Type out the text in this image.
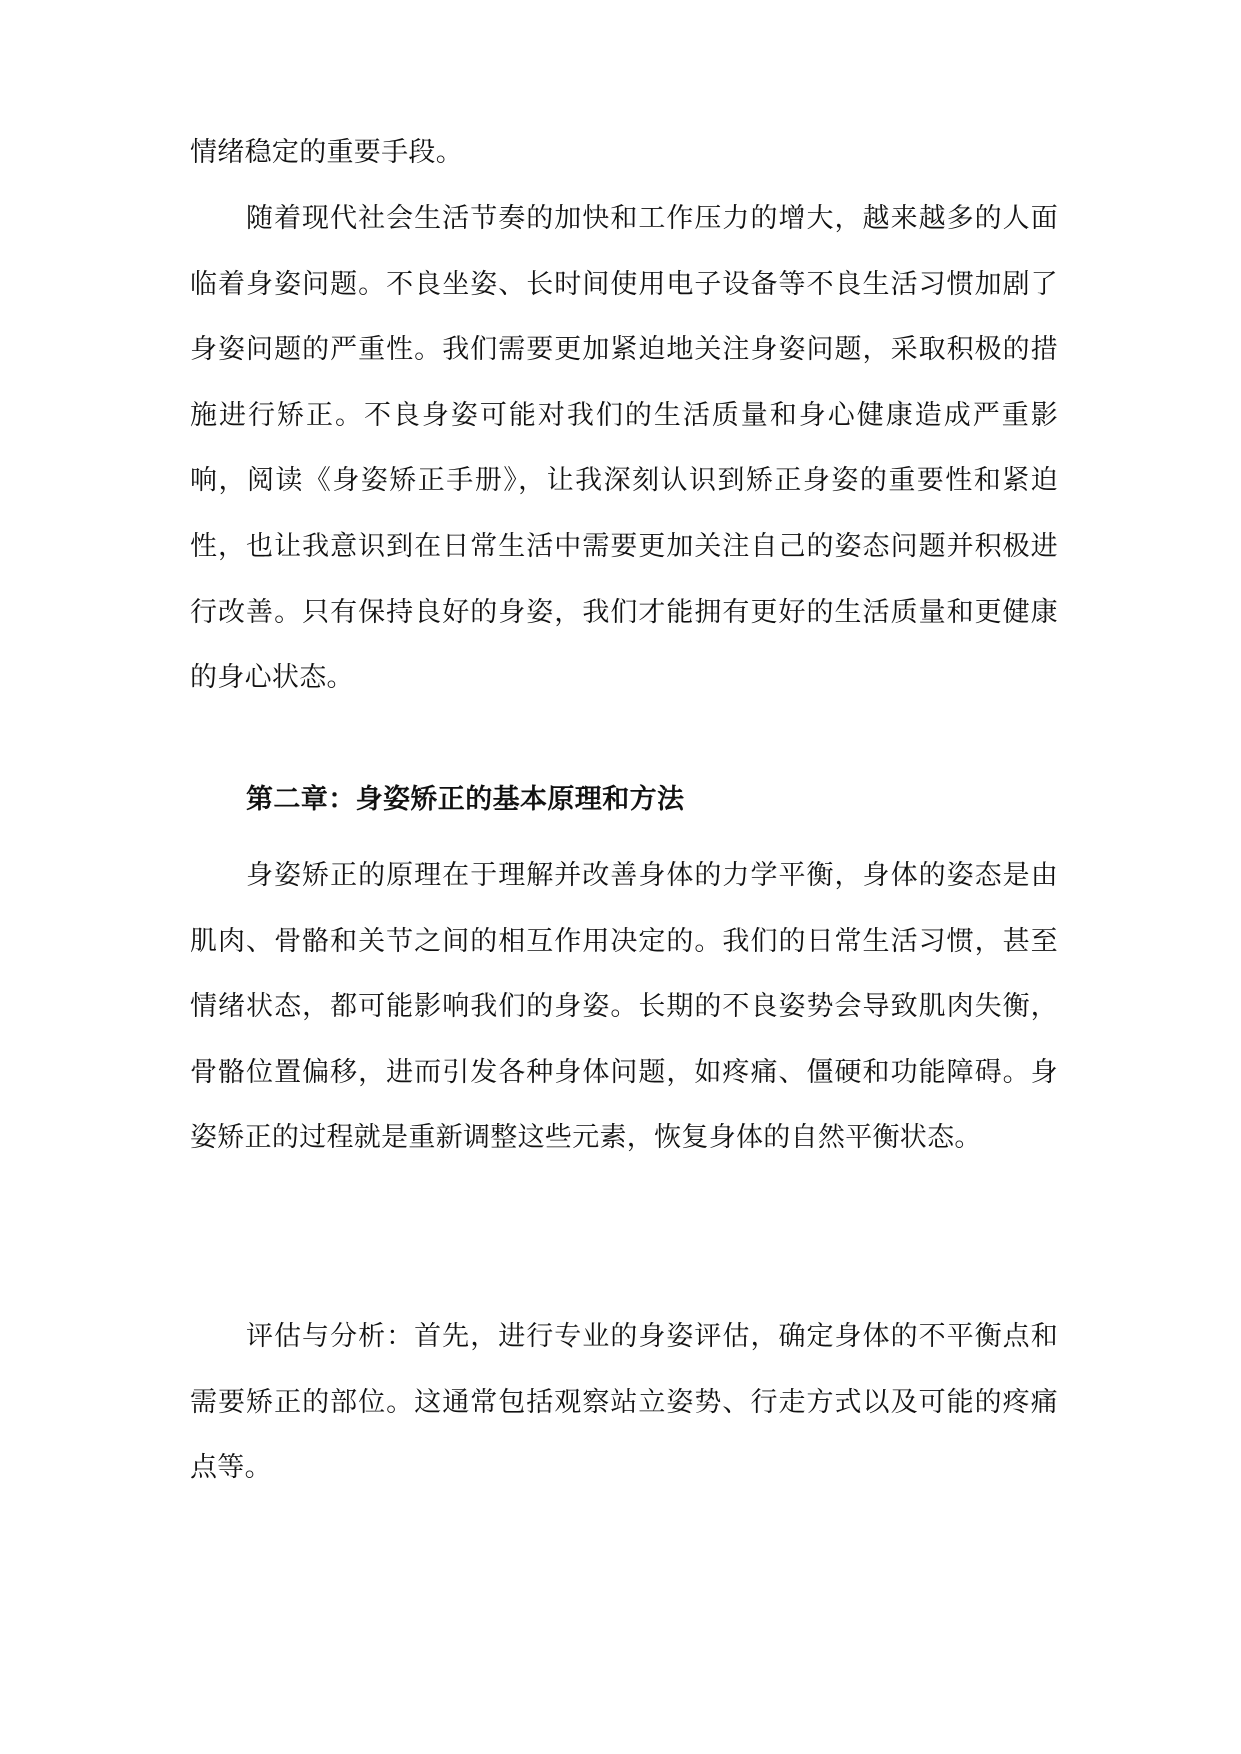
情绪稳定的重要手段。

随着现代社会生活节奏的加快和工作压力的增大，越来越多的人面临着身姿问题。不良坐姿、长时间使用电子设备等不良生活习惯加剧了身姿问题的严重性。我们需要更加紧迫地关注身姿问题，采取积极的措施进行矫正。不良身姿可能对我们的生活质量和身心健康造成严重影响，阅读《身姿矫正手册》，让我深刻认识到矫正身姿的重要性和紧迫性，也让我意识到在日常生活中需要更加关注自己的姿态问题并积极进行改善。只有保持良好的身姿，我们才能拥有更好的生活质量和更健康的身心状态。

第二章：身姿矫正的基本原理和方法

身姿矫正的原理在于理解并改善身体的力学平衡，身体的姿态是由肌肉、骨骼和关节之间的相互作用决定的。我们的日常生活习惯，甚至情绪状态，都可能影响我们的身姿。长期的不良姿势会导致肌肉失衡，骨骼位置偏移，进而引发各种身体问题，如疼痛、僵硬和功能障碍。身姿矫正的过程就是重新调整这些元素，恢复身体的自然平衡状态。

评估与分析：首先，进行专业的身姿评估，确定身体的不平衡点和需要矫正的部位。这通常包括观察站立姿势、行走方式以及可能的疼痛点等。
